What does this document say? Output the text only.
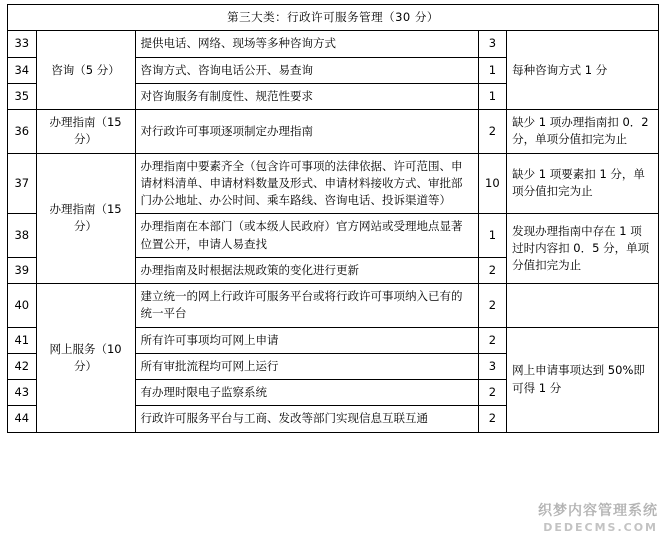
第三大类：行政许可服务管理（30 分）				
33	咨询（5 分）	提供电话、网络、现场等多种咨询方式	3	每种咨询方式 1 分
34		咨询方式、咨询电话公开、易查询	1	
35		对咨询服务有制度性、规范性要求	1	
36	办理指南（15 分）	对行政许可事项逐项制定办理指南	2	缺少 1 项办理指南扣 0．2 分，单项分值扣完为止
37	办理指南（15 分）	办理指南中要素齐全（包含许可事项的法律依据、许可范围、申请材料清单、申请材料数量及形式、申请材料接收方式、审批部门办公地址、办公时间、乘车路线、咨询电话、投诉渠道等）	10	缺少 1 项要素扣 1 分，单项分值扣完为止
38		办理指南在本部门（或本级人民政府）官方网站或受理地点显著位置公开，申请人易查找	1	发现办理指南中存在 1 项过时内容扣 0．5 分，单项分值扣完为止
39		办理指南及时根据法规政策的变化进行更新	2	
40	网上服务（10 分）	建立统一的网上行政许可服务平台或将行政许可事项纳入已有的统一平台	2	
41		所有许可事项均可网上申请	2	网上申请事项达到 50%即可得 1 分
42		所有审批流程均可网上运行	3	
43		有办理时限电子监察系统	2	
44		行政许可服务平台与工商、发改等部门实现信息互联互通	2	
织梦内容管理系统
DEDECMS.COM
